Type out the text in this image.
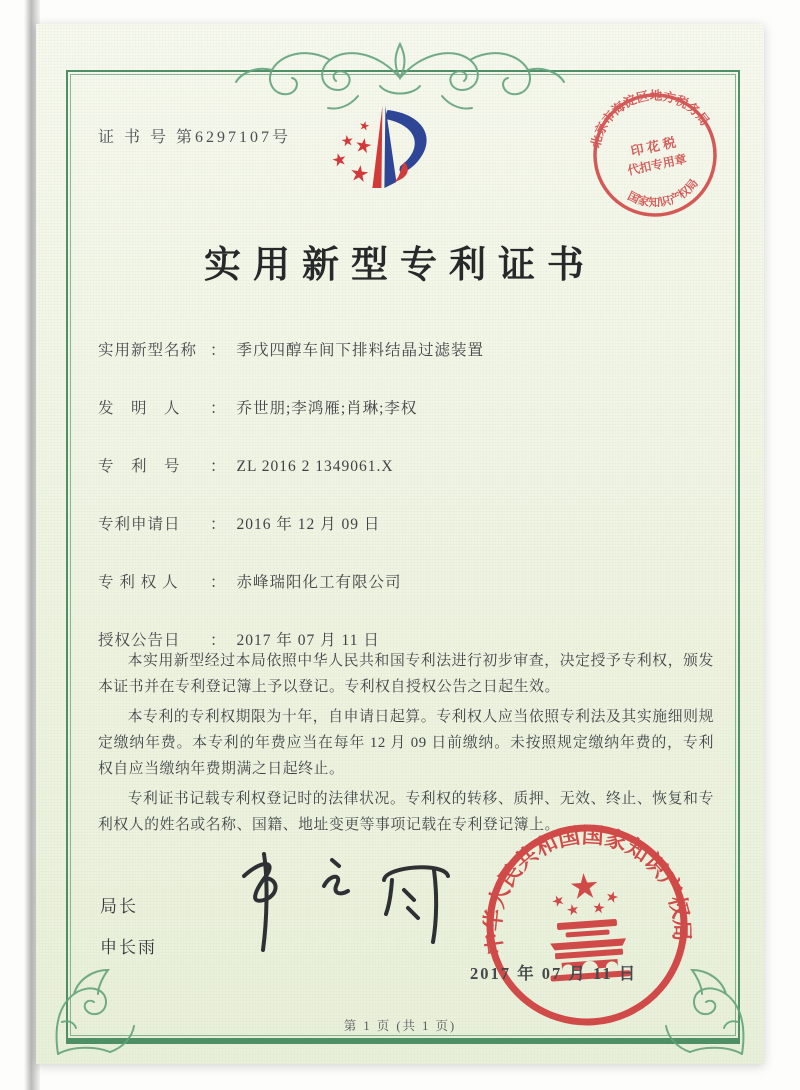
证 书 号 第6297107号	北京市海淀区地方税务局
国家知识产权局
印 花 税
代扣专用章
实用新型专利证书
实用新型名称 ： 季戊四醇车间下排料结晶过滤装置
发　明　人 ： 乔世朋;李鸿雁;肖琳;李权
专　利　号 ： ZL 2016 2 1349061.X
专利申请日 ： 2016 年 12 月 09 日
专 利 权 人 ： 赤峰瑞阳化工有限公司
授权公告日 ： 2017 年 07 月 11 日

本实用新型经过本局依照中华人民共和国专利法进行初步审查，决定授予专利权，颁发本证书并在专利登记簿上予以登记。专利权自授权公告之日起生效。

本专利的专利权期限为十年，自申请日起算。专利权人应当依照专利法及其实施细则规定缴纳年费。本专利的年费应当在每年 12 月 09 日前缴纳。未按照规定缴纳年费的，专利权自应当缴纳年费期满之日起终止。

专利证书记载专利权登记时的法律状况。专利权的转移、质押、无效、终止、恢复和专利权人的姓名或名称、国籍、地址变更等事项记载在专利登记簿上。

局长
申长雨	中华人民共和国国家知识产权局
2017 年 07 月 11 日
第 1 页 (共 1 页)
